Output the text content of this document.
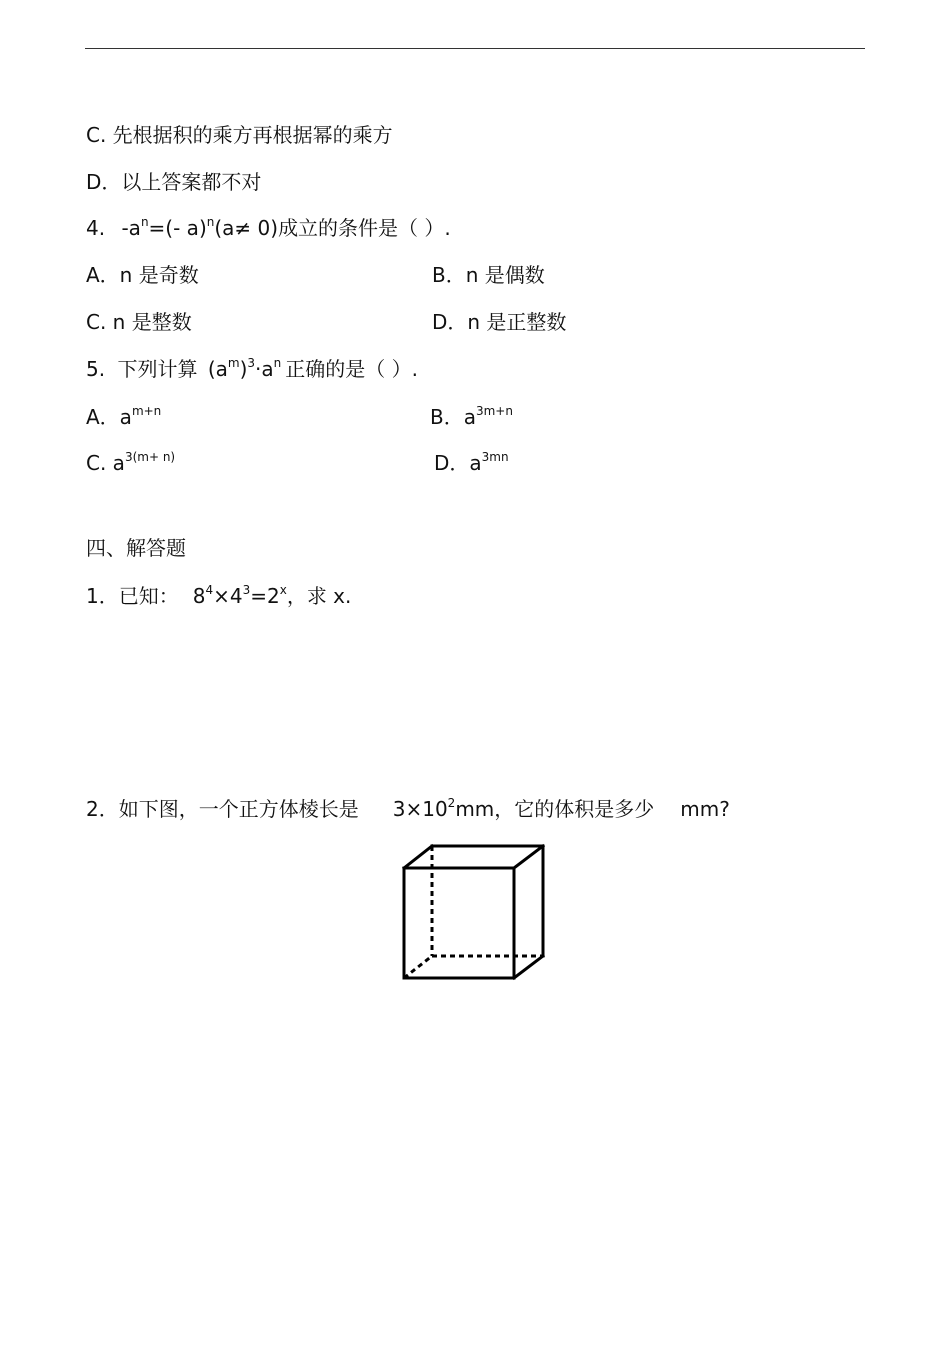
C. 先根据积的乘方再根据幂的乘方
D．以上答案都不对
4. $-a^n=(-$ a)$^n$(a≠ 0)成立的条件是（ ）.
A．n 是奇数	B．n 是偶数
C. n 是整数	D．n 是正整数
5. 下列计算 $(a^m)^3\cdot a^n$ 正确的是（ ）.
A．$a^{m+n}$	B．$a^{3m+n}$
C. $a^{3(m+ n)}$	D．$a^{3mn}$
四、解答题
1．已知： $8^4\times 4^3=2^x$，求 x.
2．如下图，一个正方体棱长是 $3\times 10^2mm$，它的体积是多少 mm?
